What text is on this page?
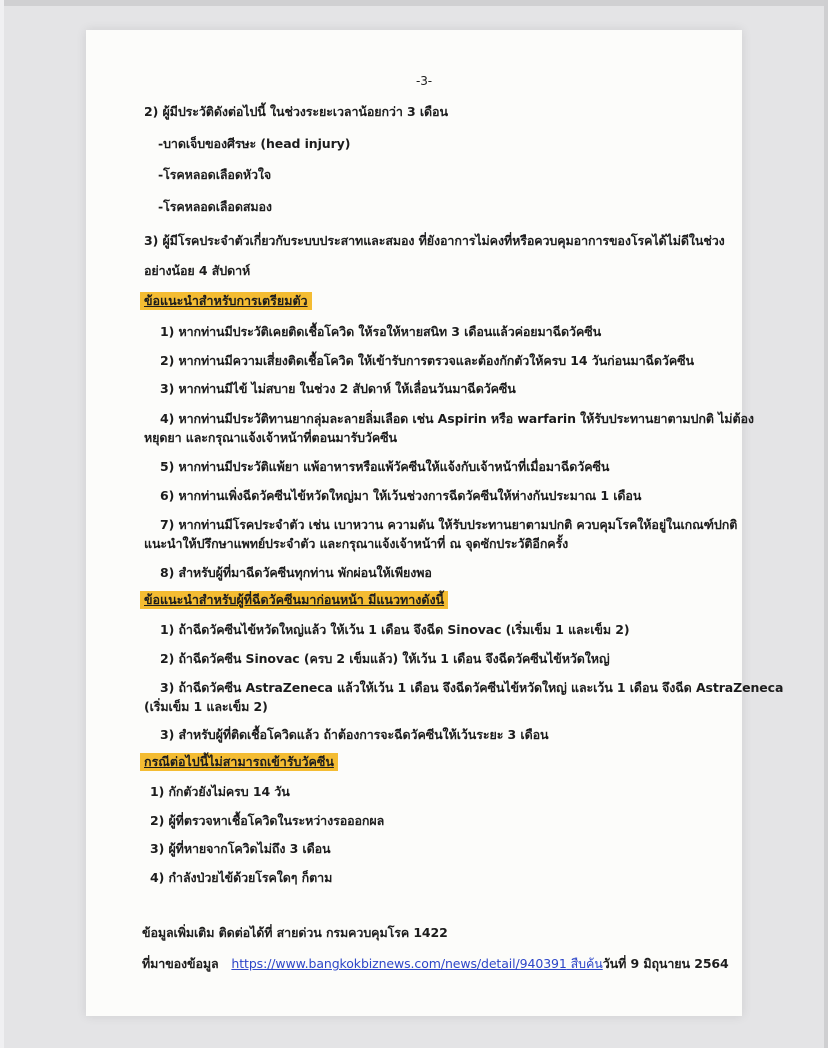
-3-
2) ผู้มีประวัติดังต่อไปนี้ ในช่วงระยะเวลาน้อยกว่า 3 เดือน
-บาดเจ็บของศีรษะ (head injury)
-โรคหลอดเลือดหัวใจ
-โรคหลอดเลือดสมอง
3) ผู้มีโรคประจำตัวเกี่ยวกับระบบประสาทและสมอง ที่ยังอาการไม่คงที่หรือควบคุมอาการของโรคได้ไม่ดีในช่วง
อย่างน้อย 4 สัปดาห์
ข้อแนะนำสำหรับการเตรียมตัว
1) หากท่านมีประวัติเคยติดเชื้อโควิด ให้รอให้หายสนิท 3 เดือนแล้วค่อยมาฉีดวัคซีน
2) หากท่านมีความเสี่ยงติดเชื้อโควิด ให้เข้ารับการตรวจและต้องกักตัวให้ครบ 14 วันก่อนมาฉีดวัคซีน
3) หากท่านมีไข้ ไม่สบาย ในช่วง 2 สัปดาห์ ให้เลื่อนวันมาฉีดวัคซีน
4) หากท่านมีประวัติทานยากลุ่มละลายลิ่มเลือด เช่น Aspirin หรือ warfarin ให้รับประทานยาตามปกติ ไม่ต้อง
หยุดยา และกรุณาแจ้งเจ้าหน้าที่ตอนมารับวัคซีน
5) หากท่านมีประวัติแพ้ยา แพ้อาหารหรือแพ้วัคซีนให้แจ้งกับเจ้าหน้าที่เมื่อมาฉีดวัคซีน
6) หากท่านเพิ่งฉีดวัคซีนไข้หวัดใหญ่มา ให้เว้นช่วงการฉีดวัคซีนให้ห่างกันประมาณ 1 เดือน
7) หากท่านมีโรคประจำตัว เช่น เบาหวาน ความดัน ให้รับประทานยาตามปกติ ควบคุมโรคให้อยู่ในเกณฑ์ปกติ
แนะนำให้ปรึกษาแพทย์ประจำตัว และกรุณาแจ้งเจ้าหน้าที่ ณ จุดซักประวัติอีกครั้ง
8) สำหรับผู้ที่มาฉีดวัคซีนทุกท่าน พักผ่อนให้เพียงพอ
ข้อแนะนำสำหรับผู้ที่ฉีดวัคซีนมาก่อนหน้า มีแนวทางดังนี้
1) ถ้าฉีดวัคซีนไข้หวัดใหญ่แล้ว ให้เว้น 1 เดือน จึงฉีด Sinovac (เริ่มเข็ม 1 และเข็ม 2)
2) ถ้าฉีดวัคซีน Sinovac (ครบ 2 เข็มแล้ว) ให้เว้น 1 เดือน จึงฉีดวัคซีนไข้หวัดใหญ่
3) ถ้าฉีดวัคซีน AstraZeneca แล้วให้เว้น 1 เดือน จึงฉีดวัคซีนไข้หวัดใหญ่ และเว้น 1 เดือน จึงฉีด AstraZeneca
(เริ่มเข็ม 1 และเข็ม 2)
3) สำหรับผู้ที่ติดเชื้อโควิดแล้ว ถ้าต้องการจะฉีดวัคซีนให้เว้นระยะ 3 เดือน
กรณีต่อไปนี้ไม่สามารถเข้ารับวัคซีน
1) กักตัวยังไม่ครบ 14 วัน
2) ผู้ที่ตรวจหาเชื้อโควิดในระหว่างรอออกผล
3) ผู้ที่หายจากโควิดไม่ถึง 3 เดือน
4) กำลังป่วยไข้ด้วยโรคใดๆ ก็ตาม
ข้อมูลเพิ่มเติม ติดต่อได้ที่ สายด่วน กรมควบคุมโรค 1422
ที่มาของข้อมูล https://www.bangkokbiznews.com/news/detail/940391 สืบค้นวันที่ 9 มิถุนายน 2564
